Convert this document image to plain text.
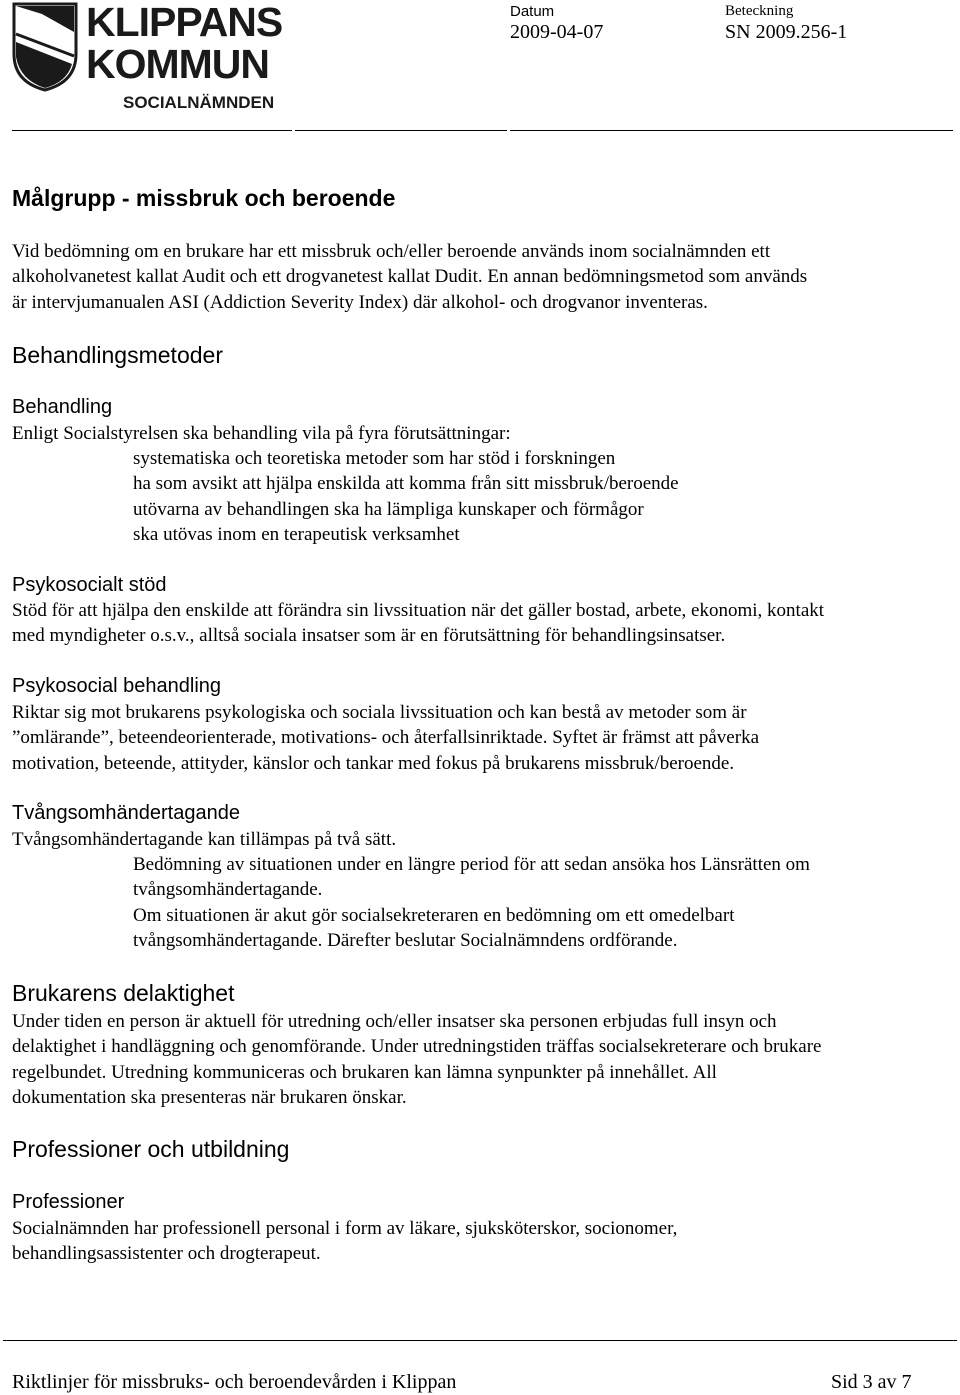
KLIPPANS
KOMMUN
SOCIALNÄMNDEN
Datum
2009-04-07
Beteckning
SN 2009.256-1
Målgrupp - missbruk och beroende
Vid bedömning om en brukare har ett missbruk och/eller beroende används inom socialnämnden ett
alkoholvanetest kallat Audit och ett drogvanetest kallat Dudit. En annan bedömningsmetod som används
är intervjumanualen ASI (Addiction Severity Index) där alkohol- och drogvanor inventeras.
Behandlingsmetoder
Behandling
Enligt Socialstyrelsen ska behandling vila på fyra förutsättningar:
systematiska och teoretiska metoder som har stöd i forskningen
ha som avsikt att hjälpa enskilda att komma från sitt missbruk/beroende
utövarna av behandlingen ska ha lämpliga kunskaper och förmågor
ska utövas inom en terapeutisk verksamhet
Psykosocialt stöd
Stöd för att hjälpa den enskilde att förändra sin livssituation när det gäller bostad, arbete, ekonomi, kontakt
med myndigheter o.s.v., alltså sociala insatser som är en förutsättning för behandlingsinsatser.
Psykosocial behandling
Riktar sig mot brukarens psykologiska och sociala livssituation och kan bestå av metoder som är
”omlärande”, beteendeorienterade, motivations- och återfallsinriktade. Syftet är främst att påverka
motivation, beteende, attityder, känslor och tankar med fokus på brukarens missbruk/beroende.
Tvångsomhändertagande
Tvångsomhändertagande kan tillämpas på två sätt.
Bedömning av situationen under en längre period för att sedan ansöka hos Länsrätten om
tvångsomhändertagande.
Om situationen är akut gör socialsekreteraren en bedömning om ett omedelbart
tvångsomhändertagande. Därefter beslutar Socialnämndens ordförande.
Brukarens delaktighet
Under tiden en person är aktuell för utredning och/eller insatser ska personen erbjudas full insyn och
delaktighet i handläggning och genomförande. Under utredningstiden träffas socialsekreterare och brukare
regelbundet. Utredning kommuniceras och brukaren kan lämna synpunkter på innehållet. All
dokumentation ska presenteras när brukaren önskar.
Professioner och utbildning
Professioner
Socialnämnden har professionell personal i form av läkare, sjuksköterskor, socionomer,
behandlingsassistenter och drogterapeut.
Riktlinjer för missbruks- och beroendevården i Klippan	Sid 3 av 7
